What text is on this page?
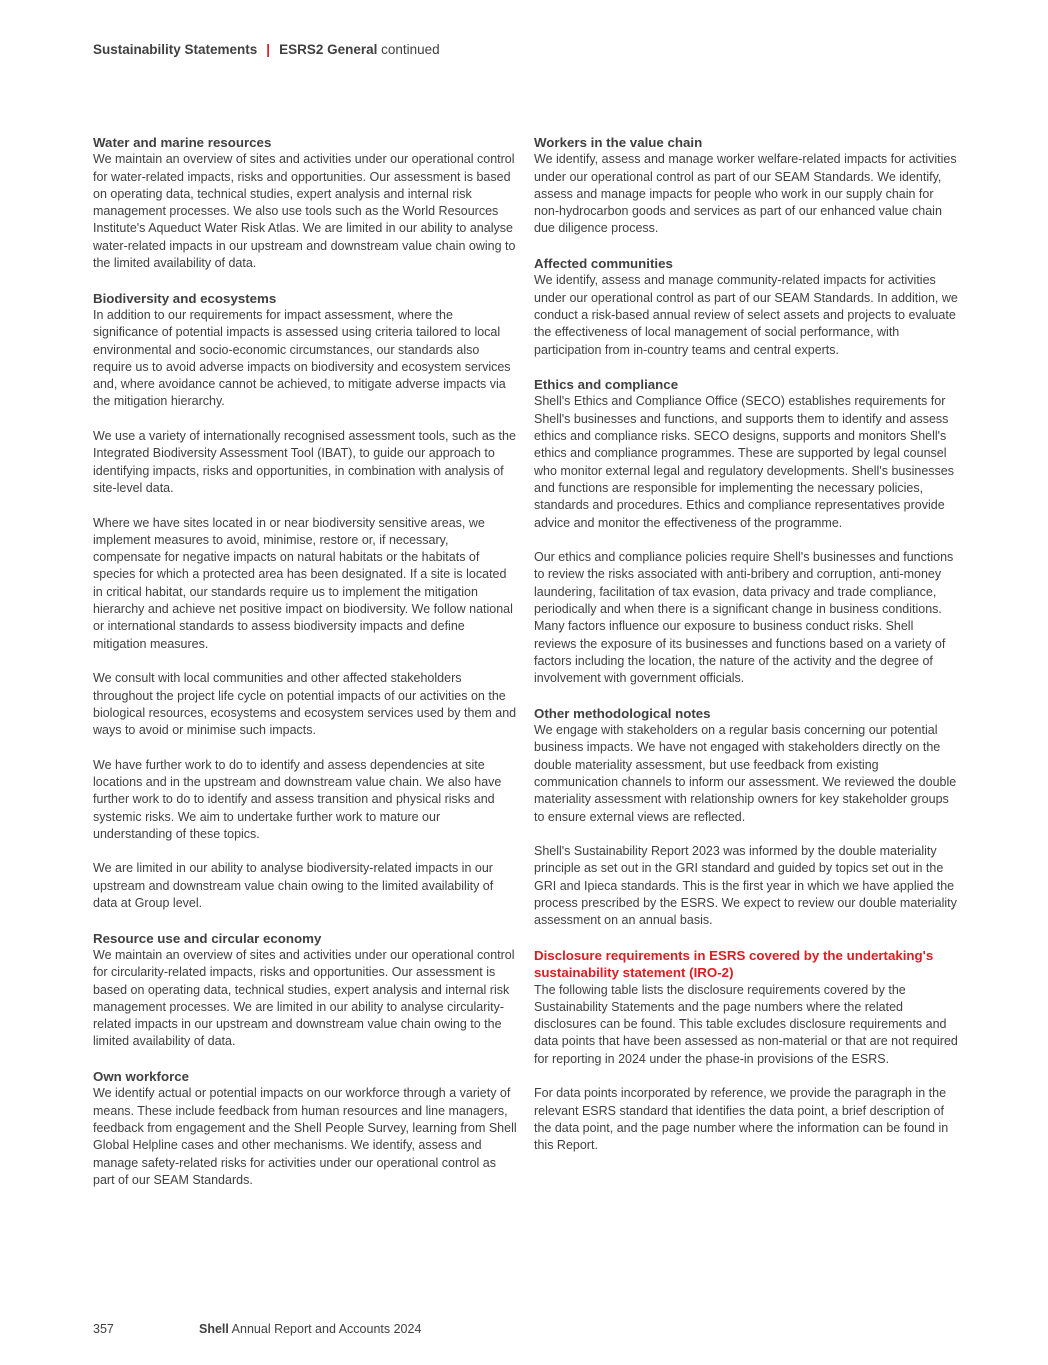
Sustainability Statements | ESRS2 General continued
Water and marine resources

We maintain an overview of sites and activities under our operational control for water-related impacts, risks and opportunities. Our assessment is based on operating data, technical studies, expert analysis and internal risk management processes. We also use tools such as the World Resources Institute's Aqueduct Water Risk Atlas. We are limited in our ability to analyse water-related impacts in our upstream and downstream value chain owing to the limited availability of data.

Biodiversity and ecosystems

In addition to our requirements for impact assessment, where the significance of potential impacts is assessed using criteria tailored to local environmental and socio-economic circumstances, our standards also require us to avoid adverse impacts on biodiversity and ecosystem services and, where avoidance cannot be achieved, to mitigate adverse impacts via the mitigation hierarchy.

We use a variety of internationally recognised assessment tools, such as the Integrated Biodiversity Assessment Tool (IBAT), to guide our approach to identifying impacts, risks and opportunities, in combination with analysis of site-level data.

Where we have sites located in or near biodiversity sensitive areas, we implement measures to avoid, minimise, restore or, if necessary, compensate for negative impacts on natural habitats or the habitats of species for which a protected area has been designated. If a site is located in critical habitat, our standards require us to implement the mitigation hierarchy and achieve net positive impact on biodiversity. We follow national or international standards to assess biodiversity impacts and define mitigation measures.

We consult with local communities and other affected stakeholders throughout the project life cycle on potential impacts of our activities on the biological resources, ecosystems and ecosystem services used by them and ways to avoid or minimise such impacts.

We have further work to do to identify and assess dependencies at site locations and in the upstream and downstream value chain. We also have further work to do to identify and assess transition and physical risks and systemic risks. We aim to undertake further work to mature our understanding of these topics.

We are limited in our ability to analyse biodiversity-related impacts in our upstream and downstream value chain owing to the limited availability of data at Group level.

Resource use and circular economy

We maintain an overview of sites and activities under our operational control for circularity-related impacts, risks and opportunities. Our assessment is based on operating data, technical studies, expert analysis and internal risk management processes. We are limited in our ability to analyse circularity-related impacts in our upstream and downstream value chain owing to the limited availability of data.

Own workforce

We identify actual or potential impacts on our workforce through a variety of means. These include feedback from human resources and line managers, feedback from engagement and the Shell People Survey, learning from Shell Global Helpline cases and other mechanisms. We identify, assess and manage safety-related risks for activities under our operational control as part of our SEAM Standards.

Workers in the value chain

We identify, assess and manage worker welfare-related impacts for activities under our operational control as part of our SEAM Standards. We identify, assess and manage impacts for people who work in our supply chain for non-hydrocarbon goods and services as part of our enhanced value chain due diligence process.

Affected communities

We identify, assess and manage community-related impacts for activities under our operational control as part of our SEAM Standards. In addition, we conduct a risk-based annual review of select assets and projects to evaluate the effectiveness of local management of social performance, with participation from in-country teams and central experts.

Ethics and compliance

Shell's Ethics and Compliance Office (SECO) establishes requirements for Shell's businesses and functions, and supports them to identify and assess ethics and compliance risks. SECO designs, supports and monitors Shell's ethics and compliance programmes. These are supported by legal counsel who monitor external legal and regulatory developments. Shell's businesses and functions are responsible for implementing the necessary policies, standards and procedures. Ethics and compliance representatives provide advice and monitor the effectiveness of the programme.

Our ethics and compliance policies require Shell's businesses and functions to review the risks associated with anti-bribery and corruption, anti-money laundering, facilitation of tax evasion, data privacy and trade compliance, periodically and when there is a significant change in business conditions. Many factors influence our exposure to business conduct risks. Shell reviews the exposure of its businesses and functions based on a variety of factors including the location, the nature of the activity and the degree of involvement with government officials.

Other methodological notes

We engage with stakeholders on a regular basis concerning our potential business impacts. We have not engaged with stakeholders directly on the double materiality assessment, but use feedback from existing communication channels to inform our assessment. We reviewed the double materiality assessment with relationship owners for key stakeholder groups to ensure external views are reflected.

Shell's Sustainability Report 2023 was informed by the double materiality principle as set out in the GRI standard and guided by topics set out in the GRI and Ipieca standards. This is the first year in which we have applied the process prescribed by the ESRS. We expect to review our double materiality assessment on an annual basis.

Disclosure requirements in ESRS covered by the undertaking's sustainability statement (IRO-2)

The following table lists the disclosure requirements covered by the Sustainability Statements and the page numbers where the related disclosures can be found. This table excludes disclosure requirements and data points that have been assessed as non-material or that are not required for reporting in 2024 under the phase-in provisions of the ESRS.

For data points incorporated by reference, we provide the paragraph in the relevant ESRS standard that identifies the data point, a brief description of the data point, and the page number where the information can be found in this Report.

357	Shell Annual Report and Accounts 2024
